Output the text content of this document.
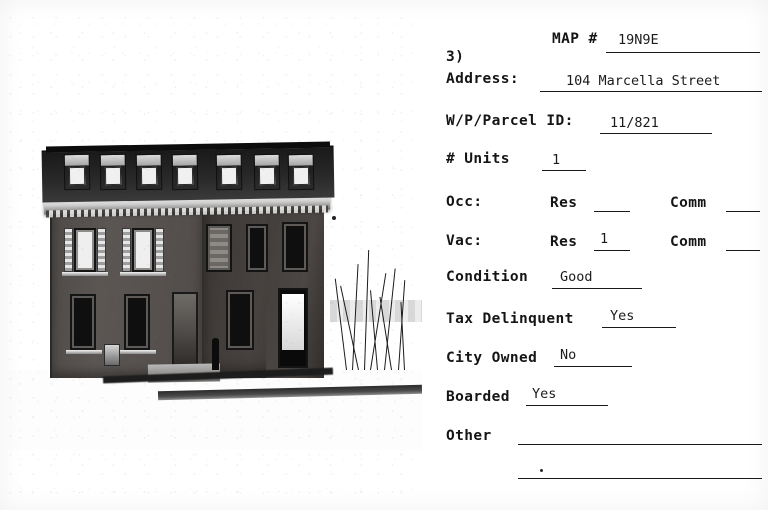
MAP # 19N9E
3)
Address:	104 Marcella Street
W/P/Parcel ID:	11/821
# Units	1
Occ:	Res	Comm
Vac:	Res 1	Comm
Condition Good
Tax Delinquent	Yes
City Owned No
Boarded Yes
Other
